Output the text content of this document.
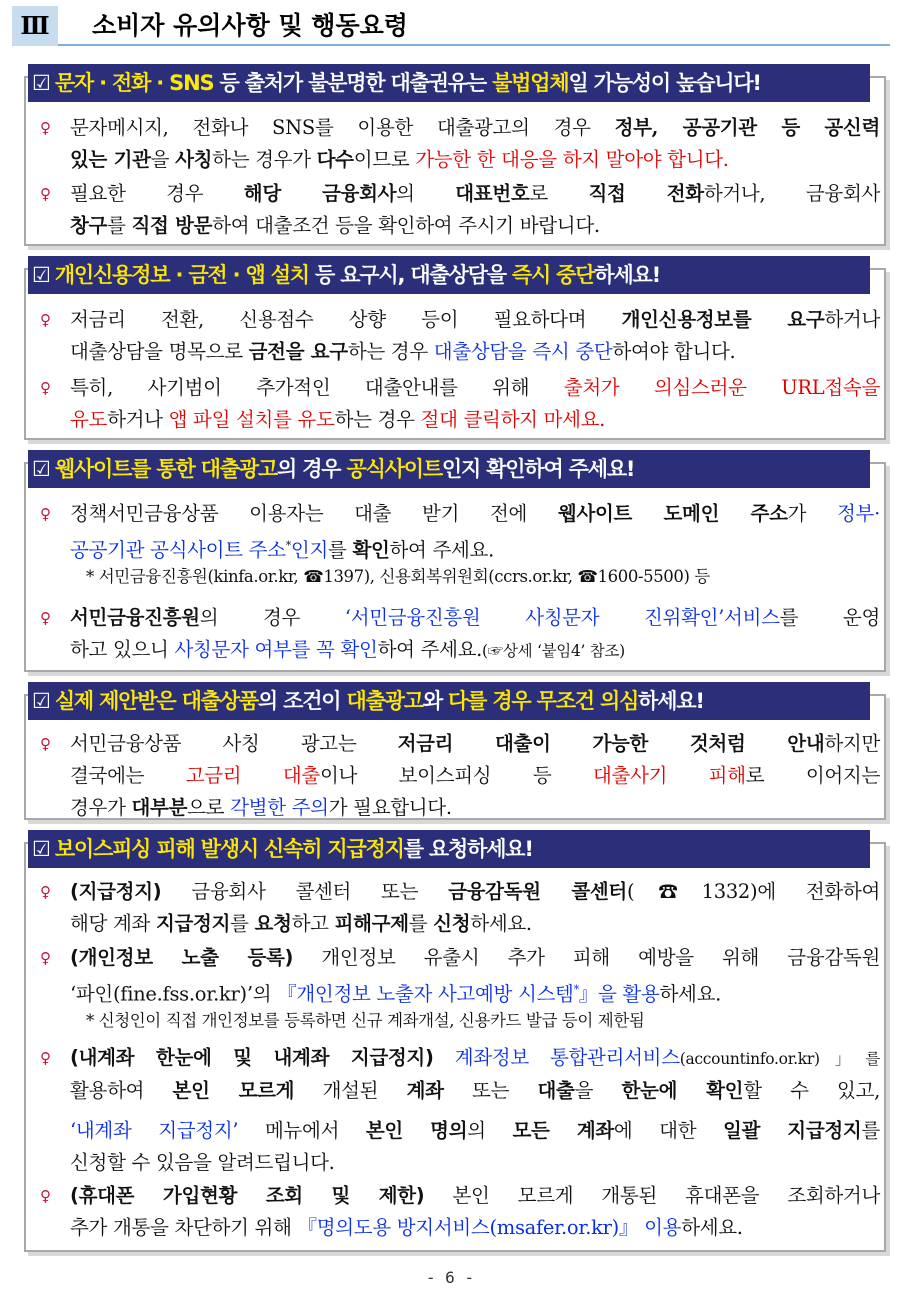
Ⅲ	소비자 유의사항 및 행동요령
☑ 문자 · 전화 · SNS 등 출처가 불분명한 대출권유는 불법업체일 가능성이 높습니다!
♀ 문자메시지, 전화나 SNS를 이용한 대출광고의 경우 정부, 공공기관 등 공신력
있는 기관을 사칭하는 경우가 다수이므로 가능한 한 대응을 하지 말아야 합니다.
♀ 필요한 경우 해당 금융회사의 대표번호로 직접 전화하거나, 금융회사
창구를 직접 방문하여 대출조건 등을 확인하여 주시기 바랍니다.
☑ 개인신용정보 · 금전 · 앱 설치 등 요구시, 대출상담을 즉시 중단하세요!
♀ 저금리 전환, 신용점수 상향 등이 필요하다며 개인신용정보를 요구하거나
대출상담을 명목으로 금전을 요구하는 경우 대출상담을 즉시 중단하여야 합니다.
♀ 특히, 사기범이 추가적인 대출안내를 위해 출처가 의심스러운 URL접속을
유도하거나 앱 파일 설치를 유도하는 경우 절대 클릭하지 마세요.
☑ 웹사이트를 통한 대출광고의 경우 공식사이트인지 확인하여 주세요!
♀ 정책서민금융상품 이용자는 대출 받기 전에 웹사이트 도메인 주소가 정부·
공공기관 공식사이트 주소*인지를 확인하여 주세요.
* 서민금융진흥원(kinfa.or.kr, ☎1397), 신용회복위원회(ccrs.or.kr, ☎1600-5500) 등
♀ 서민금융진흥원의 경우 ‘서민금융진흥원 사칭문자 진위확인’서비스를 운영
하고 있으니 사칭문자 여부를 꼭 확인하여 주세요.(☞상세 ‘붙임4’ 참조)
☑ 실제 제안받은 대출상품의 조건이 대출광고와 다를 경우 무조건 의심하세요!
♀ 서민금융상품 사칭 광고는 저금리 대출이 가능한 것처럼 안내하지만
결국에는 고금리 대출이나 보이스피싱 등 대출사기 피해로 이어지는
경우가 대부분으로 각별한 주의가 필요합니다.
☑ 보이스피싱 피해 발생시 신속히 지급정지를 요청하세요!
♀ (지급정지) 금융회사 콜센터 또는 금융감독원 콜센터(☎1332)에 전화하여
해당 계좌 지급정지를 요청하고 피해구제를 신청하세요.
♀ (개인정보 노출 등록) 개인정보 유출시 추가 피해 예방을 위해 금융감독원
‘파인(fine.fss.or.kr)’의 『개인정보 노출자 사고예방 시스템*』을 활용하세요.
* 신청인이 직접 개인정보를 등록하면 신규 계좌개설, 신용카드 발급 등이 제한됨
♀ (내계좌 한눈에 및 내계좌 지급정지) 계좌정보 통합관리서비스(accountinfo.or.kr)」를
활용하여 본인 모르게 개설된 계좌 또는 대출을 한눈에 확인할 수 있고,
‘내계좌 지급정지’ 메뉴에서 본인 명의의 모든 계좌에 대한 일괄 지급정지를
신청할 수 있음을 알려드립니다.
♀ (휴대폰 가입현황 조회 및 제한) 본인 모르게 개통된 휴대폰을 조회하거나
추가 개통을 차단하기 위해 『명의도용 방지서비스(msafer.or.kr)』 이용하세요.
- 6 -
